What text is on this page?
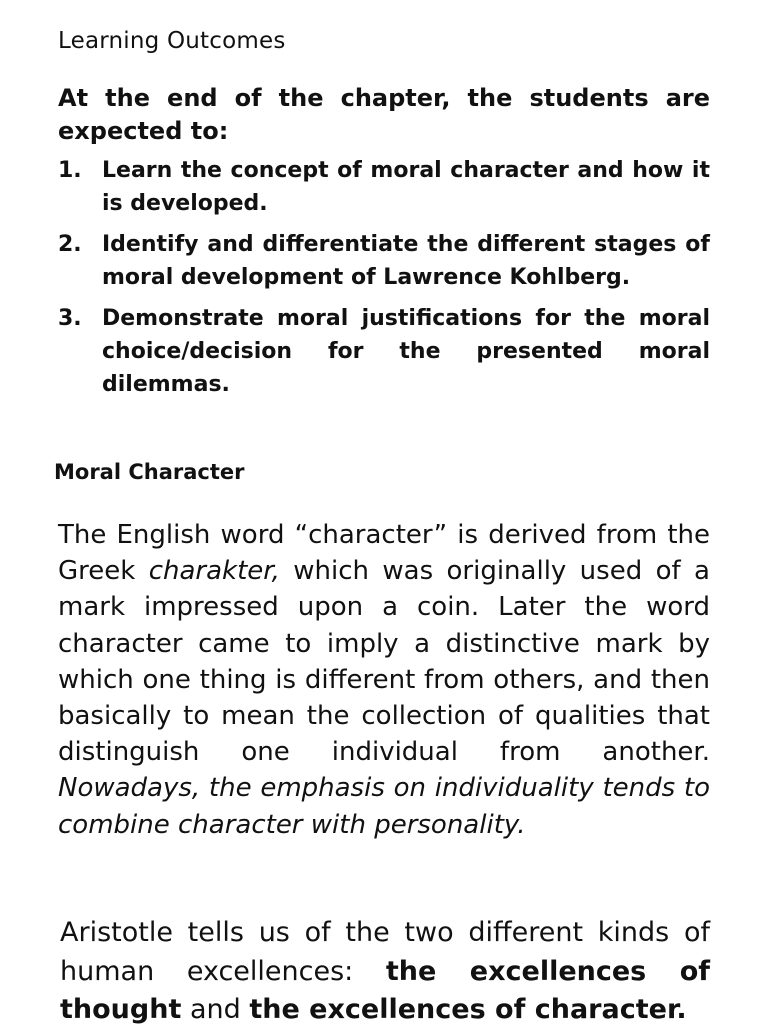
Learning Outcomes
At the end of the chapter, the students are expected to:
1. Learn the concept of moral character and how it is developed.
2. Identify and differentiate the different stages of moral development of Lawrence Kohlberg.
3. Demonstrate moral justifications for the moral choice/decision for the presented moral dilemmas.
Moral Character

The English word “character” is derived from the Greek charakter, which was originally used of a mark impressed upon a coin. Later the word character came to imply a distinctive mark by which one thing is different from others, and then basically to mean the collection of qualities that distinguish one individual from another. Nowadays, the emphasis on individuality tends to combine character with personality.

Aristotle tells us of the two different kinds of human excellences: the excellences of thought and the excellences of character.
